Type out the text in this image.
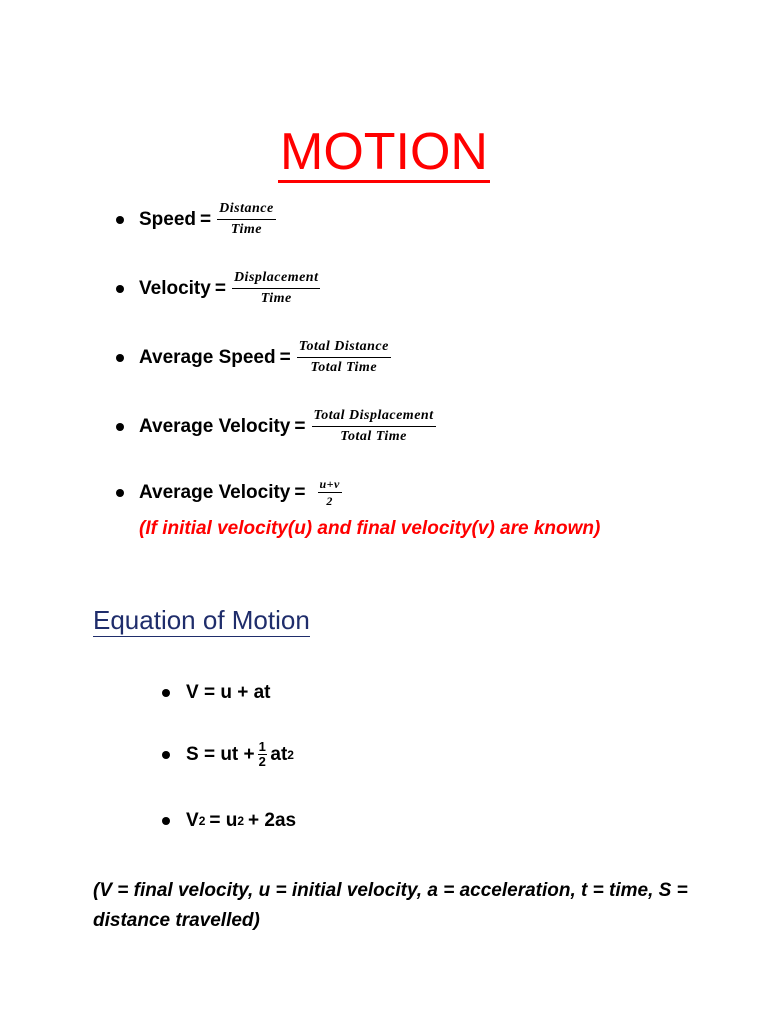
MOTION
Speed = $\frac{\text{Distance}}{\text{Time}}$
Velocity = $\frac{\text{Displacement}}{\text{Time}}$
Average Speed = $\frac{\text{Total Distance}}{\text{Total Time}}$
Average Velocity = $\frac{\text{Total Displacement}}{\text{Total Time}}$
Average Velocity = $\frac{u+v}{2}$
(If initial velocity(u) and final velocity(v) are known)
Equation of Motion
V = u + at
S = ut + $\frac{1}{2}$ at 2
V 2 = u 2 + 2as
(V = final velocity, u = initial velocity, a = acceleration, t = time, S = distance travelled)
